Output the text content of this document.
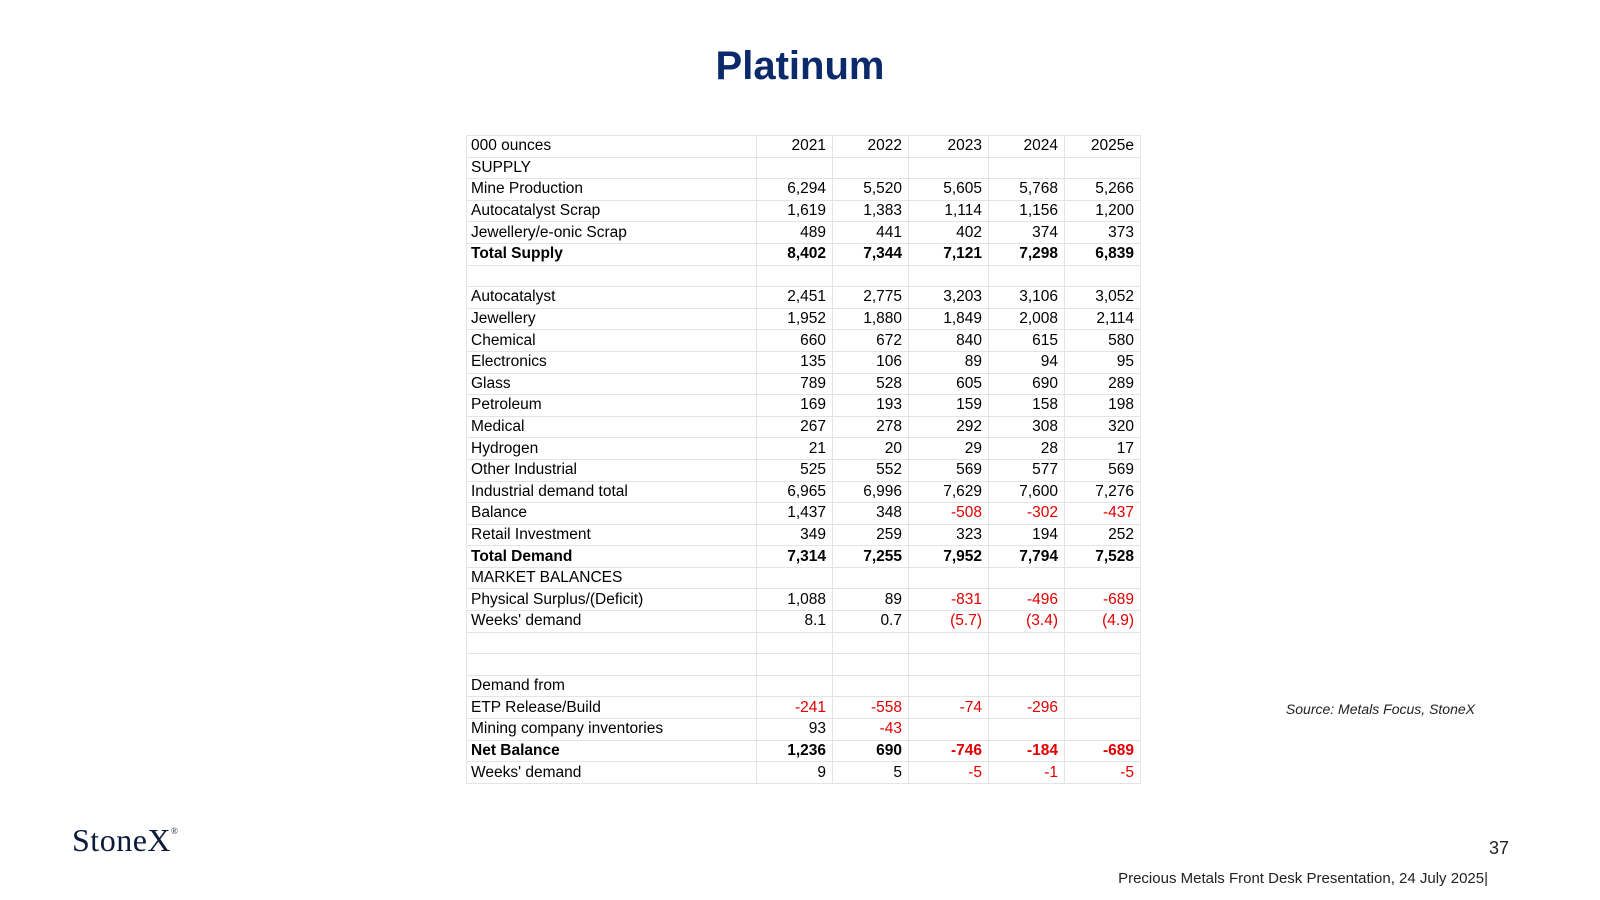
Platinum
000 ounces	2021	2022	2023	2024	2025e
SUPPLY					
Mine Production	6,294	5,520	5,605	5,768	5,266
Autocatalyst Scrap	1,619	1,383	1,114	1,156	1,200
Jewellery/e-onic Scrap	489	441	402	374	373
Total Supply	8,402	7,344	7,121	7,298	6,839

Autocatalyst	2,451	2,775	3,203	3,106	3,052
Jewellery	1,952	1,880	1,849	2,008	2,114
Chemical	660	672	840	615	580
Electronics	135	106	89	94	95
Glass	789	528	605	690	289
Petroleum	169	193	159	158	198
Medical	267	278	292	308	320
Hydrogen	21	20	29	28	17
Other Industrial	525	552	569	577	569
Industrial demand total	6,965	6,996	7,629	7,600	7,276
Balance	1,437	348	-508	-302	-437
Retail Investment	349	259	323	194	252
Total Demand	7,314	7,255	7,952	7,794	7,528
MARKET BALANCES					
Physical Surplus/(Deficit)	1,088	89	-831	-496	-689
Weeks' demand	8.1	0.7	(5.7)	(3.4)	(4.9)

Demand from					
ETP Release/Build	-241	-558	-74	-296	
Mining company inventories	93	-43			
Net Balance	1,236	690	-746	-184	-689
Weeks' demand	9	5	-5	-1	-5
Source: Metals Focus, StoneX
StoneX®
37
Precious Metals Front Desk Presentation, 24 July 2025|
